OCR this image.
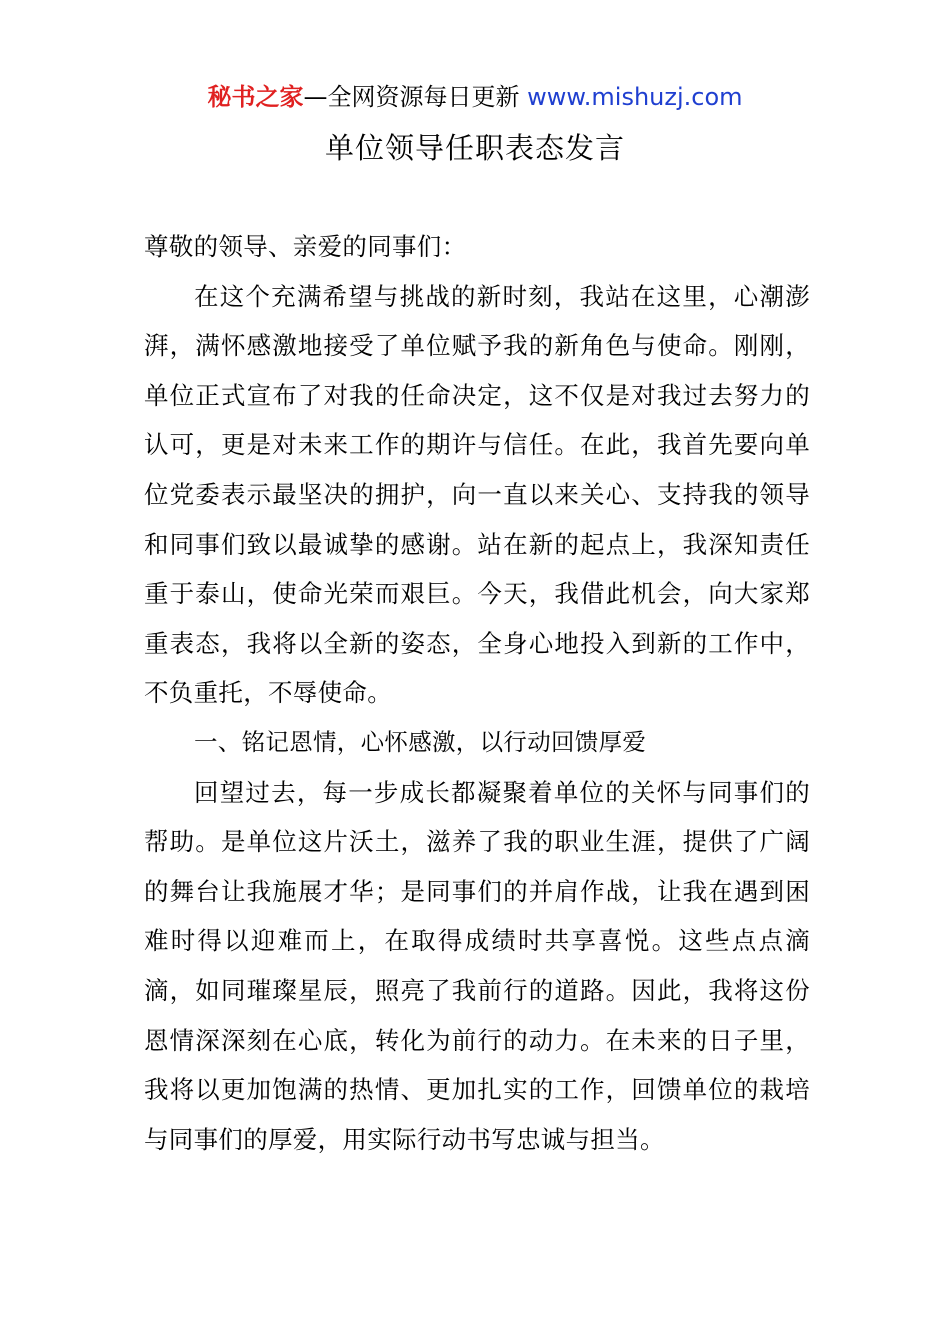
秘书之家—全网资源每日更新 www.mishuzj.com
单位领导任职表态发言

尊敬的领导、亲爱的同事们：

在这个充满希望与挑战的新时刻，我站在这里，心潮澎湃，满怀感激地接受了单位赋予我的新角色与使命。刚刚，单位正式宣布了对我的任命决定，这不仅是对我过去努力的认可，更是对未来工作的期许与信任。在此，我首先要向单位党委表示最坚决的拥护，向一直以来关心、支持我的领导和同事们致以最诚挚的感谢。站在新的起点上，我深知责任重于泰山，使命光荣而艰巨。今天，我借此机会，向大家郑重表态，我将以全新的姿态，全身心地投入到新的工作中，不负重托，不辱使命。

一、铭记恩情，心怀感激，以行动回馈厚爱

回望过去，每一步成长都凝聚着单位的关怀与同事们的帮助。是单位这片沃土，滋养了我的职业生涯，提供了广阔的舞台让我施展才华；是同事们的并肩作战，让我在遇到困难时得以迎难而上，在取得成绩时共享喜悦。这些点点滴滴，如同璀璨星辰，照亮了我前行的道路。因此，我将这份恩情深深刻在心底，转化为前行的动力。在未来的日子里，我将以更加饱满的热情、更加扎实的工作，回馈单位的栽培与同事们的厚爱，用实际行动书写忠诚与担当。
